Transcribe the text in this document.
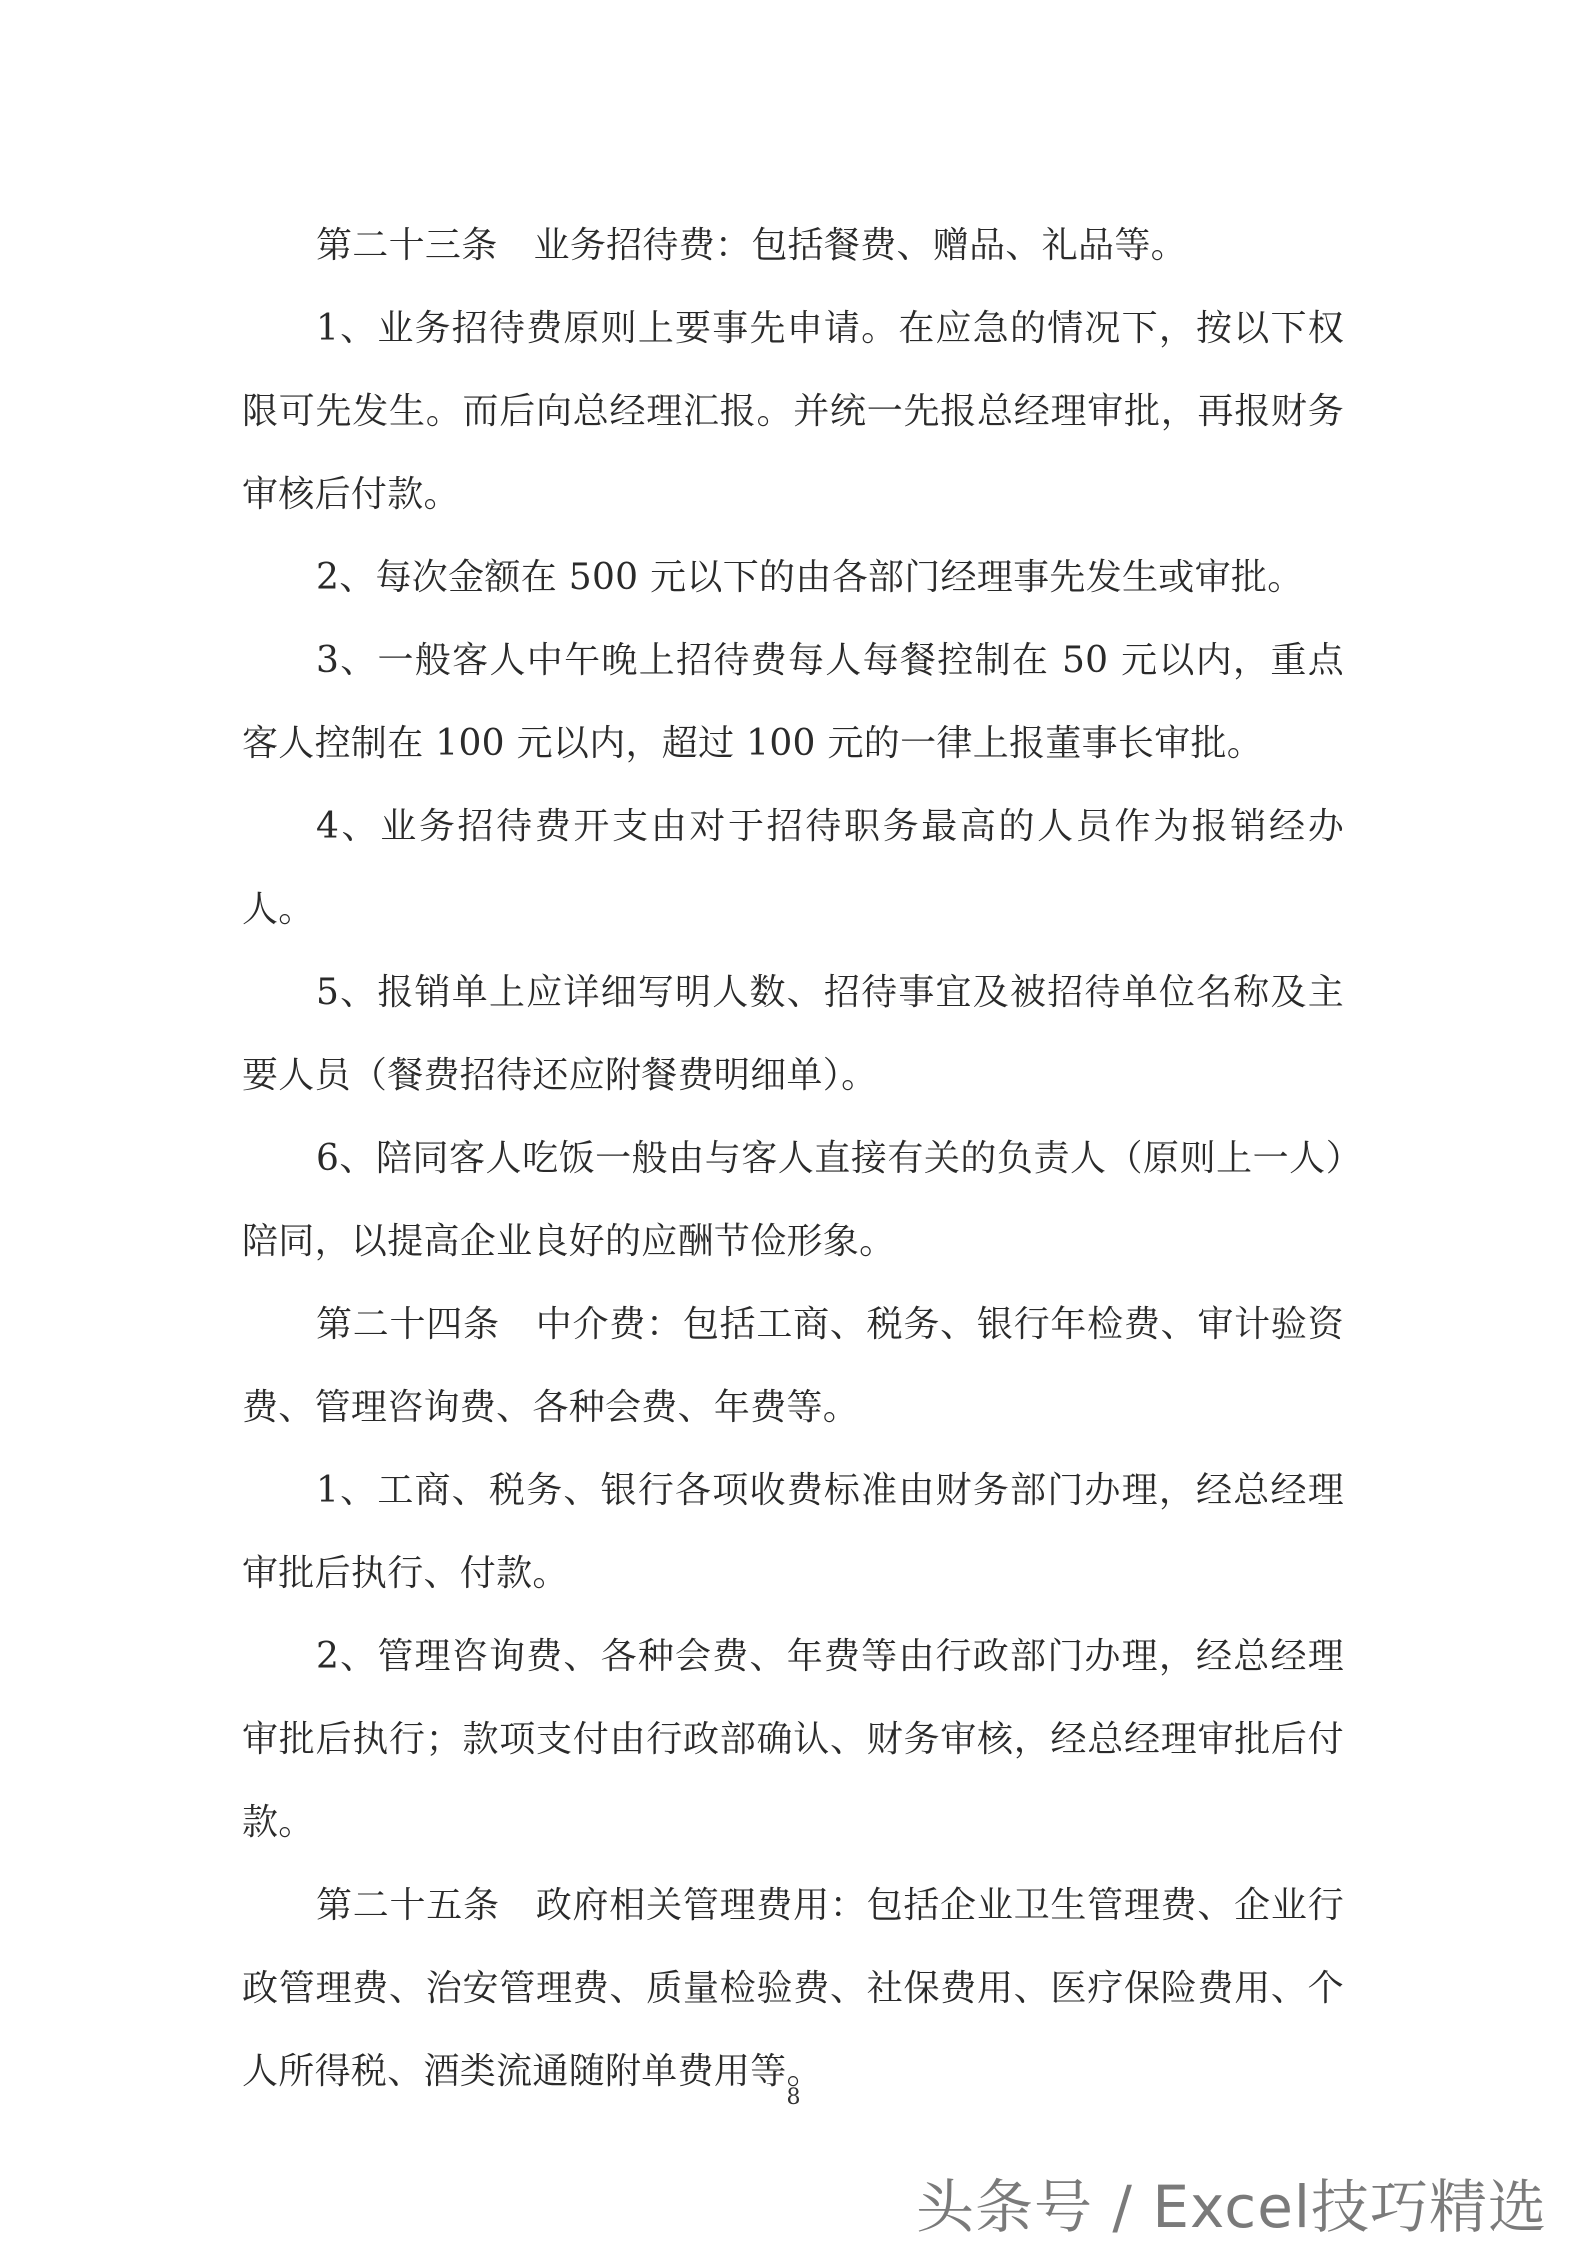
第二十三条 业务招待费：包括餐费、赠品、礼品等。

1、业务招待费原则上要事先申请。在应急的情况下，按以下权限可先发生。而后向总经理汇报。并统一先报总经理审批，再报财务审核后付款。

2、每次金额在 500 元以下的由各部门经理事先发生或审批。

3、一般客人中午晚上招待费每人每餐控制在 50 元以内，重点客人控制在 100 元以内，超过 100 元的一律上报董事长审批。

4、业务招待费开支由对于招待职务最高的人员作为报销经办人。

5、报销单上应详细写明人数、招待事宜及被招待单位名称及主要人员（餐费招待还应附餐费明细单）。

6、陪同客人吃饭一般由与客人直接有关的负责人（原则上一人）陪同，以提高企业良好的应酬节俭形象。

第二十四条 中介费：包括工商、税务、银行年检费、审计验资费、管理咨询费、各种会费、年费等。

1、工商、税务、银行各项收费标准由财务部门办理，经总经理审批后执行、付款。

2、管理咨询费、各种会费、年费等由行政部门办理，经总经理审批后执行；款项支付由行政部确认、财务审核，经总经理审批后付款。

第二十五条 政府相关管理费用：包括企业卫生管理费、企业行政管理费、治安管理费、质量检验费、社保费用、医疗保险费用、个人所得税、酒类流通随附单费用等。

8
头条号 / Excel技巧精选
